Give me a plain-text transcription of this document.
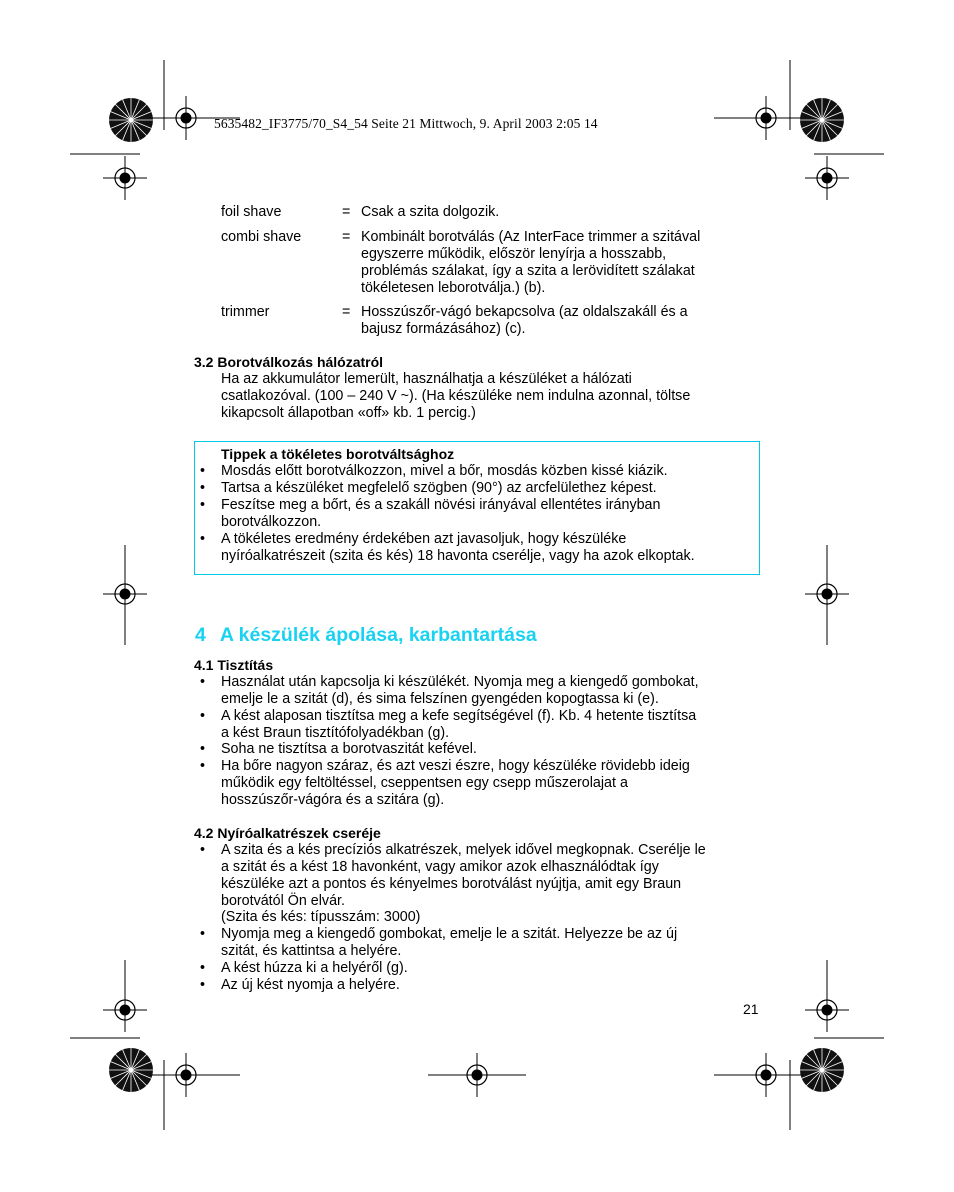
5635482_IF3775/70_S4_54 Seite 21 Mittwoch, 9. April 2003 2:05 14
foil shave	= Csak a szita dolgozik.
combi shave	= Kombinált borotválás (Az InterFace trimmer a szitával
egyszerre működik, először lenyírja a hosszabb,
problémás szálakat, így a szita a lerövidített szálakat
tökéletesen leborotválja.) (b).
trimmer	= Hosszúszőr-vágó bekapcsolva (az oldalszakáll és a
bajusz formázásához) (c).
3.2 Borotválkozás hálózatról
Ha az akkumulátor lemerült, használhatja a készüléket a hálózati
csatlakozóval. (100 – 240 V ~). (Ha készüléke nem indulna azonnal, töltse
kikapcsolt állapotban «off» kb. 1 percig.)
Tippek a tökéletes borotváltsághoz
• Mosdás előtt borotválkozzon, mivel a bőr, mosdás közben kissé kiázik.
• Tartsa a készüléket megfelelő szögben (90°) az arcfelülethez képest.
• Feszítse meg a bőrt, és a szakáll növési irányával ellentétes irányban
borotválkozzon.
• A tökéletes eredmény érdekében azt javasoljuk, hogy készüléke
nyíróalkatrészeit (szita és kés) 18 havonta cserélje, vagy ha azok elkoptak.
4 A készülék ápolása, karbantartása
4.1 Tisztítás
• Használat után kapcsolja ki készülékét. Nyomja meg a kiengedő gombokat,
emelje le a szitát (d), és sima felszínen gyengéden kopogtassa ki (e).
• A kést alaposan tisztítsa meg a kefe segítségével (f). Kb. 4 hetente tisztítsa
a kést Braun tisztítófolyadékban (g).
• Soha ne tisztítsa a borotvaszitát kefével.
• Ha bőre nagyon száraz, és azt veszi észre, hogy készüléke rövidebb ideig
működik egy feltöltéssel, cseppentsen egy csepp műszerolajat a
hosszúszőr-vágóra és a szitára (g).
4.2 Nyíróalkatrészek cseréje
• A szita és a kés precíziós alkatrészek, melyek idővel megkopnak. Cserélje le
a szitát és a kést 18 havonként, vagy amikor azok elhasználódtak így
készüléke azt a pontos és kényelmes borotválást nyújtja, amit egy Braun
borotvától Ön elvár.
(Szita és kés: típusszám: 3000)
• Nyomja meg a kiengedő gombokat, emelje le a szitát. Helyezze be az új
szitát, és kattintsa a helyére.
• A kést húzza ki a helyéről (g).
• Az új kést nyomja a helyére.
21
